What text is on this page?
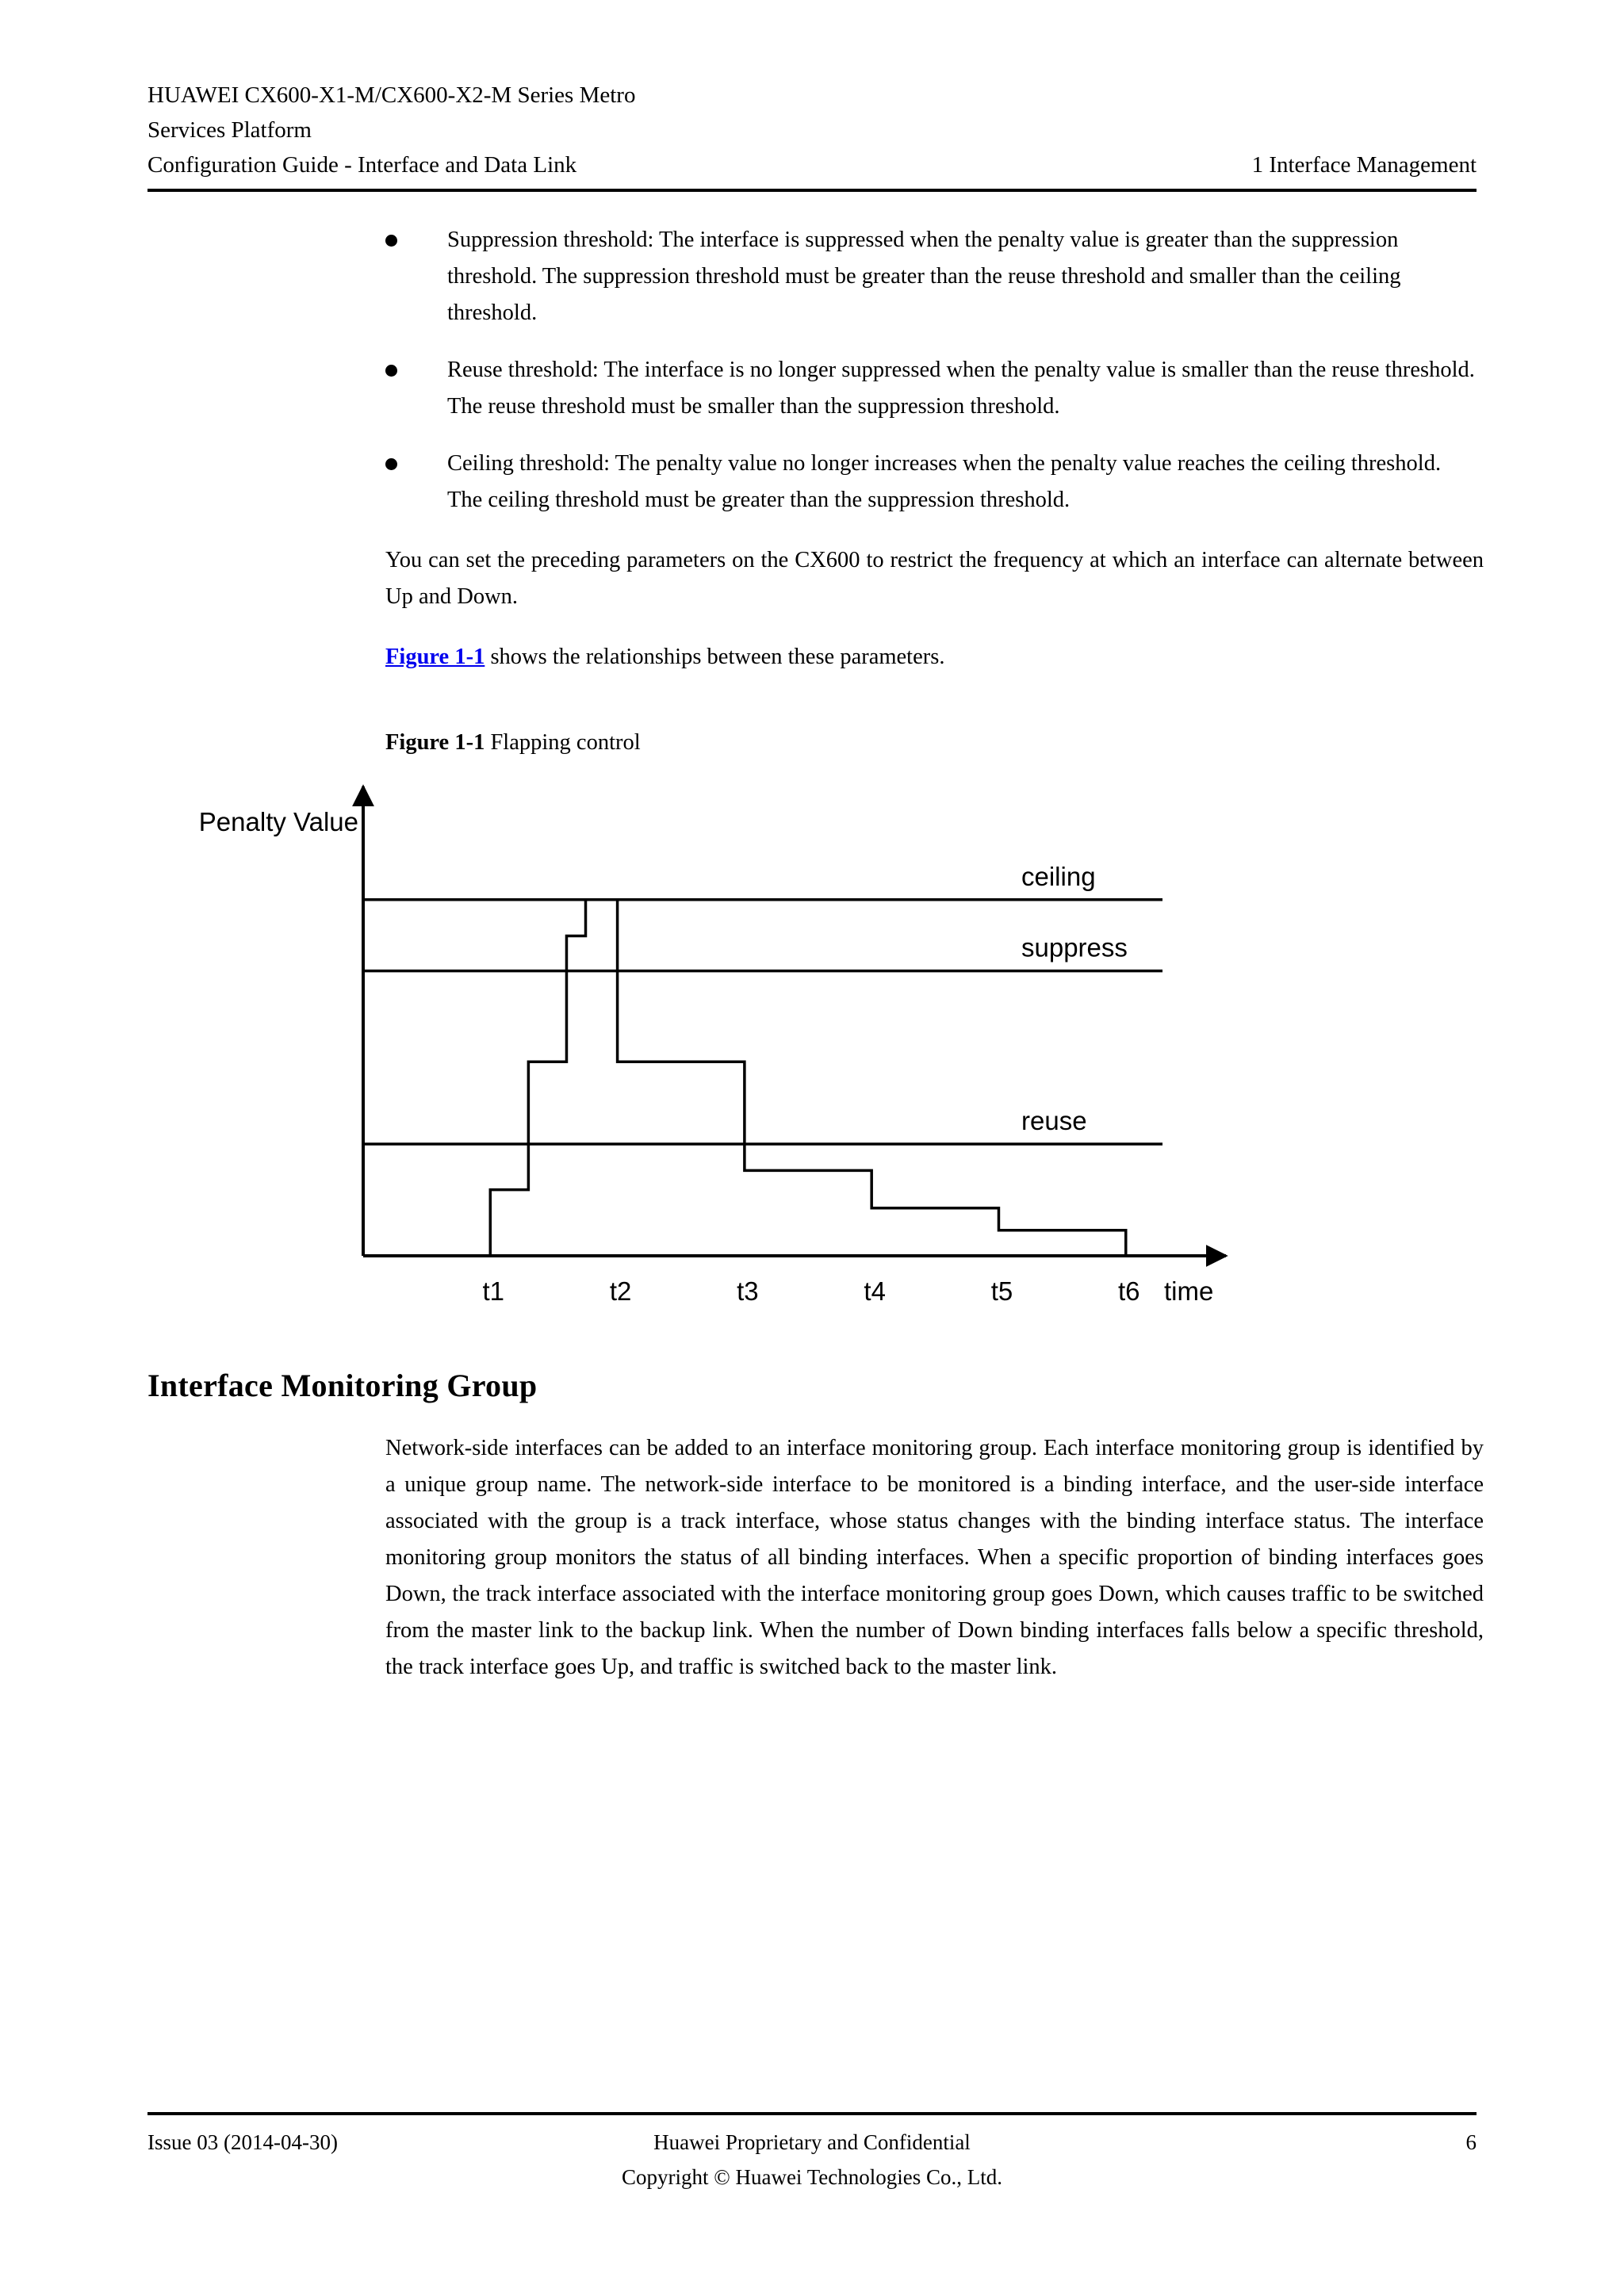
HUAWEI CX600-X1-M/CX600-X2-M Series Metro
Services Platform
Configuration Guide - Interface and Data Link	1 Interface Management
Suppression threshold: The interface is suppressed when the penalty value is greater than the suppression threshold. The suppression threshold must be greater than the reuse threshold and smaller than the ceiling threshold.
Reuse threshold: The interface is no longer suppressed when the penalty value is smaller than the reuse threshold. The reuse threshold must be smaller than the suppression threshold.
Ceiling threshold: The penalty value no longer increases when the penalty value reaches the ceiling threshold. The ceiling threshold must be greater than the suppression threshold.

You can set the preceding parameters on the CX600 to restrict the frequency at which an interface can alternate between Up and Down.

Figure 1-1 shows the relationships between these parameters.

Figure 1-1 Flapping control
Penalty Value
time
ceiling
suppress
reuse
t1	t2	t3	t4	t5	t6
Interface Monitoring Group
Network-side interfaces can be added to an interface monitoring group. Each interface monitoring group is identified by a unique group name. The network-side interface to be monitored is a binding interface, and the user-side interface associated with the group is a track interface, whose status changes with the binding interface status. The interface monitoring group monitors the status of all binding interfaces. When a specific proportion of binding interfaces goes Down, the track interface associated with the interface monitoring group goes Down, which causes traffic to be switched from the master link to the backup link. When the number of Down binding interfaces falls below a specific threshold, the track interface goes Up, and traffic is switched back to the master link.
Issue 03 (2014-04-30)	Huawei Proprietary and Confidential	6
Copyright © Huawei Technologies Co., Ltd.
